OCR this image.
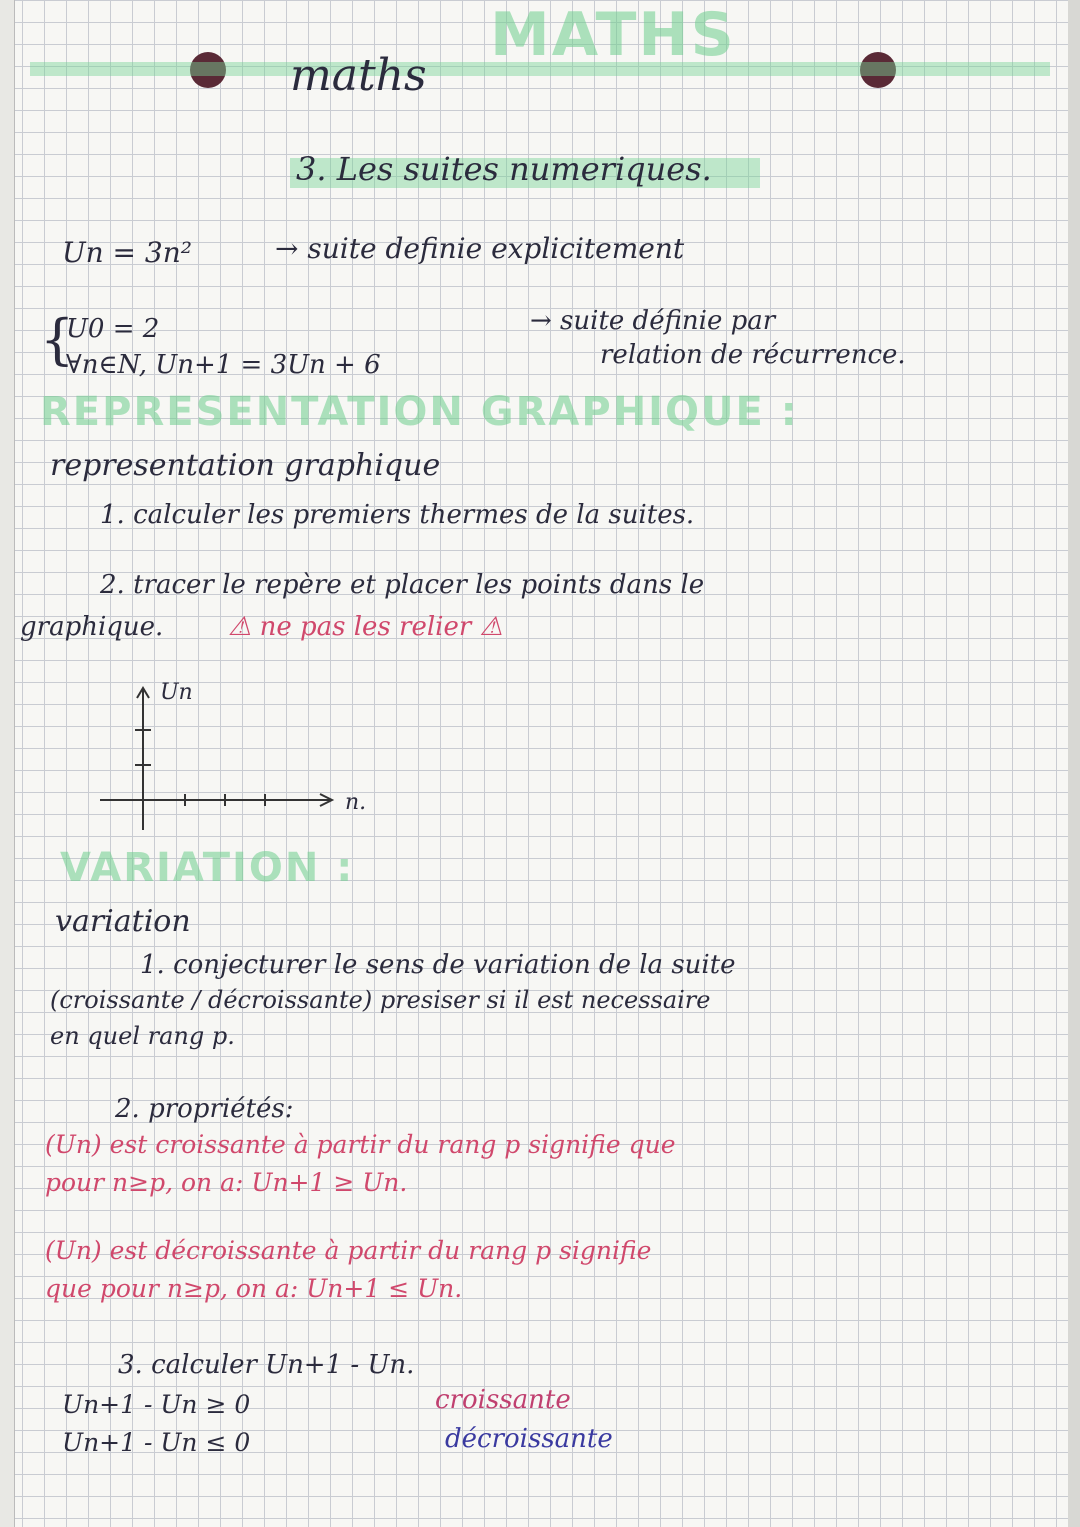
MATHS
maths
3. Les suites numeriques.
Un = 3n²	→ suite definie explicitement
{
U0 = 2
∀n∈N, Un+1 = 3Un + 6
→ suite définie par
relation de récurrence.
REPRESENTATION GRAPHIQUE :
representation graphique
1. calculer les premiers thermes de la suites.
2. tracer le repère et placer les points dans le
graphique. ⚠ ne pas les relier ⚠
Un
n.
VARIATION :
variation
1. conjecturer le sens de variation de la suite
(croissante / décroissante) presiser si il est necessaire
en quel rang p.
2. propriétés:
(Un) est croissante à partir du rang p signifie que
pour n≥p, on a: Un+1 ≥ Un.
(Un) est décroissante à partir du rang p signifie
que pour n≥p, on a: Un+1 ≤ Un.
3. calculer Un+1 - Un.
Un+1 - Un ≥ 0	croissante
Un+1 - Un ≤ 0	décroissante
